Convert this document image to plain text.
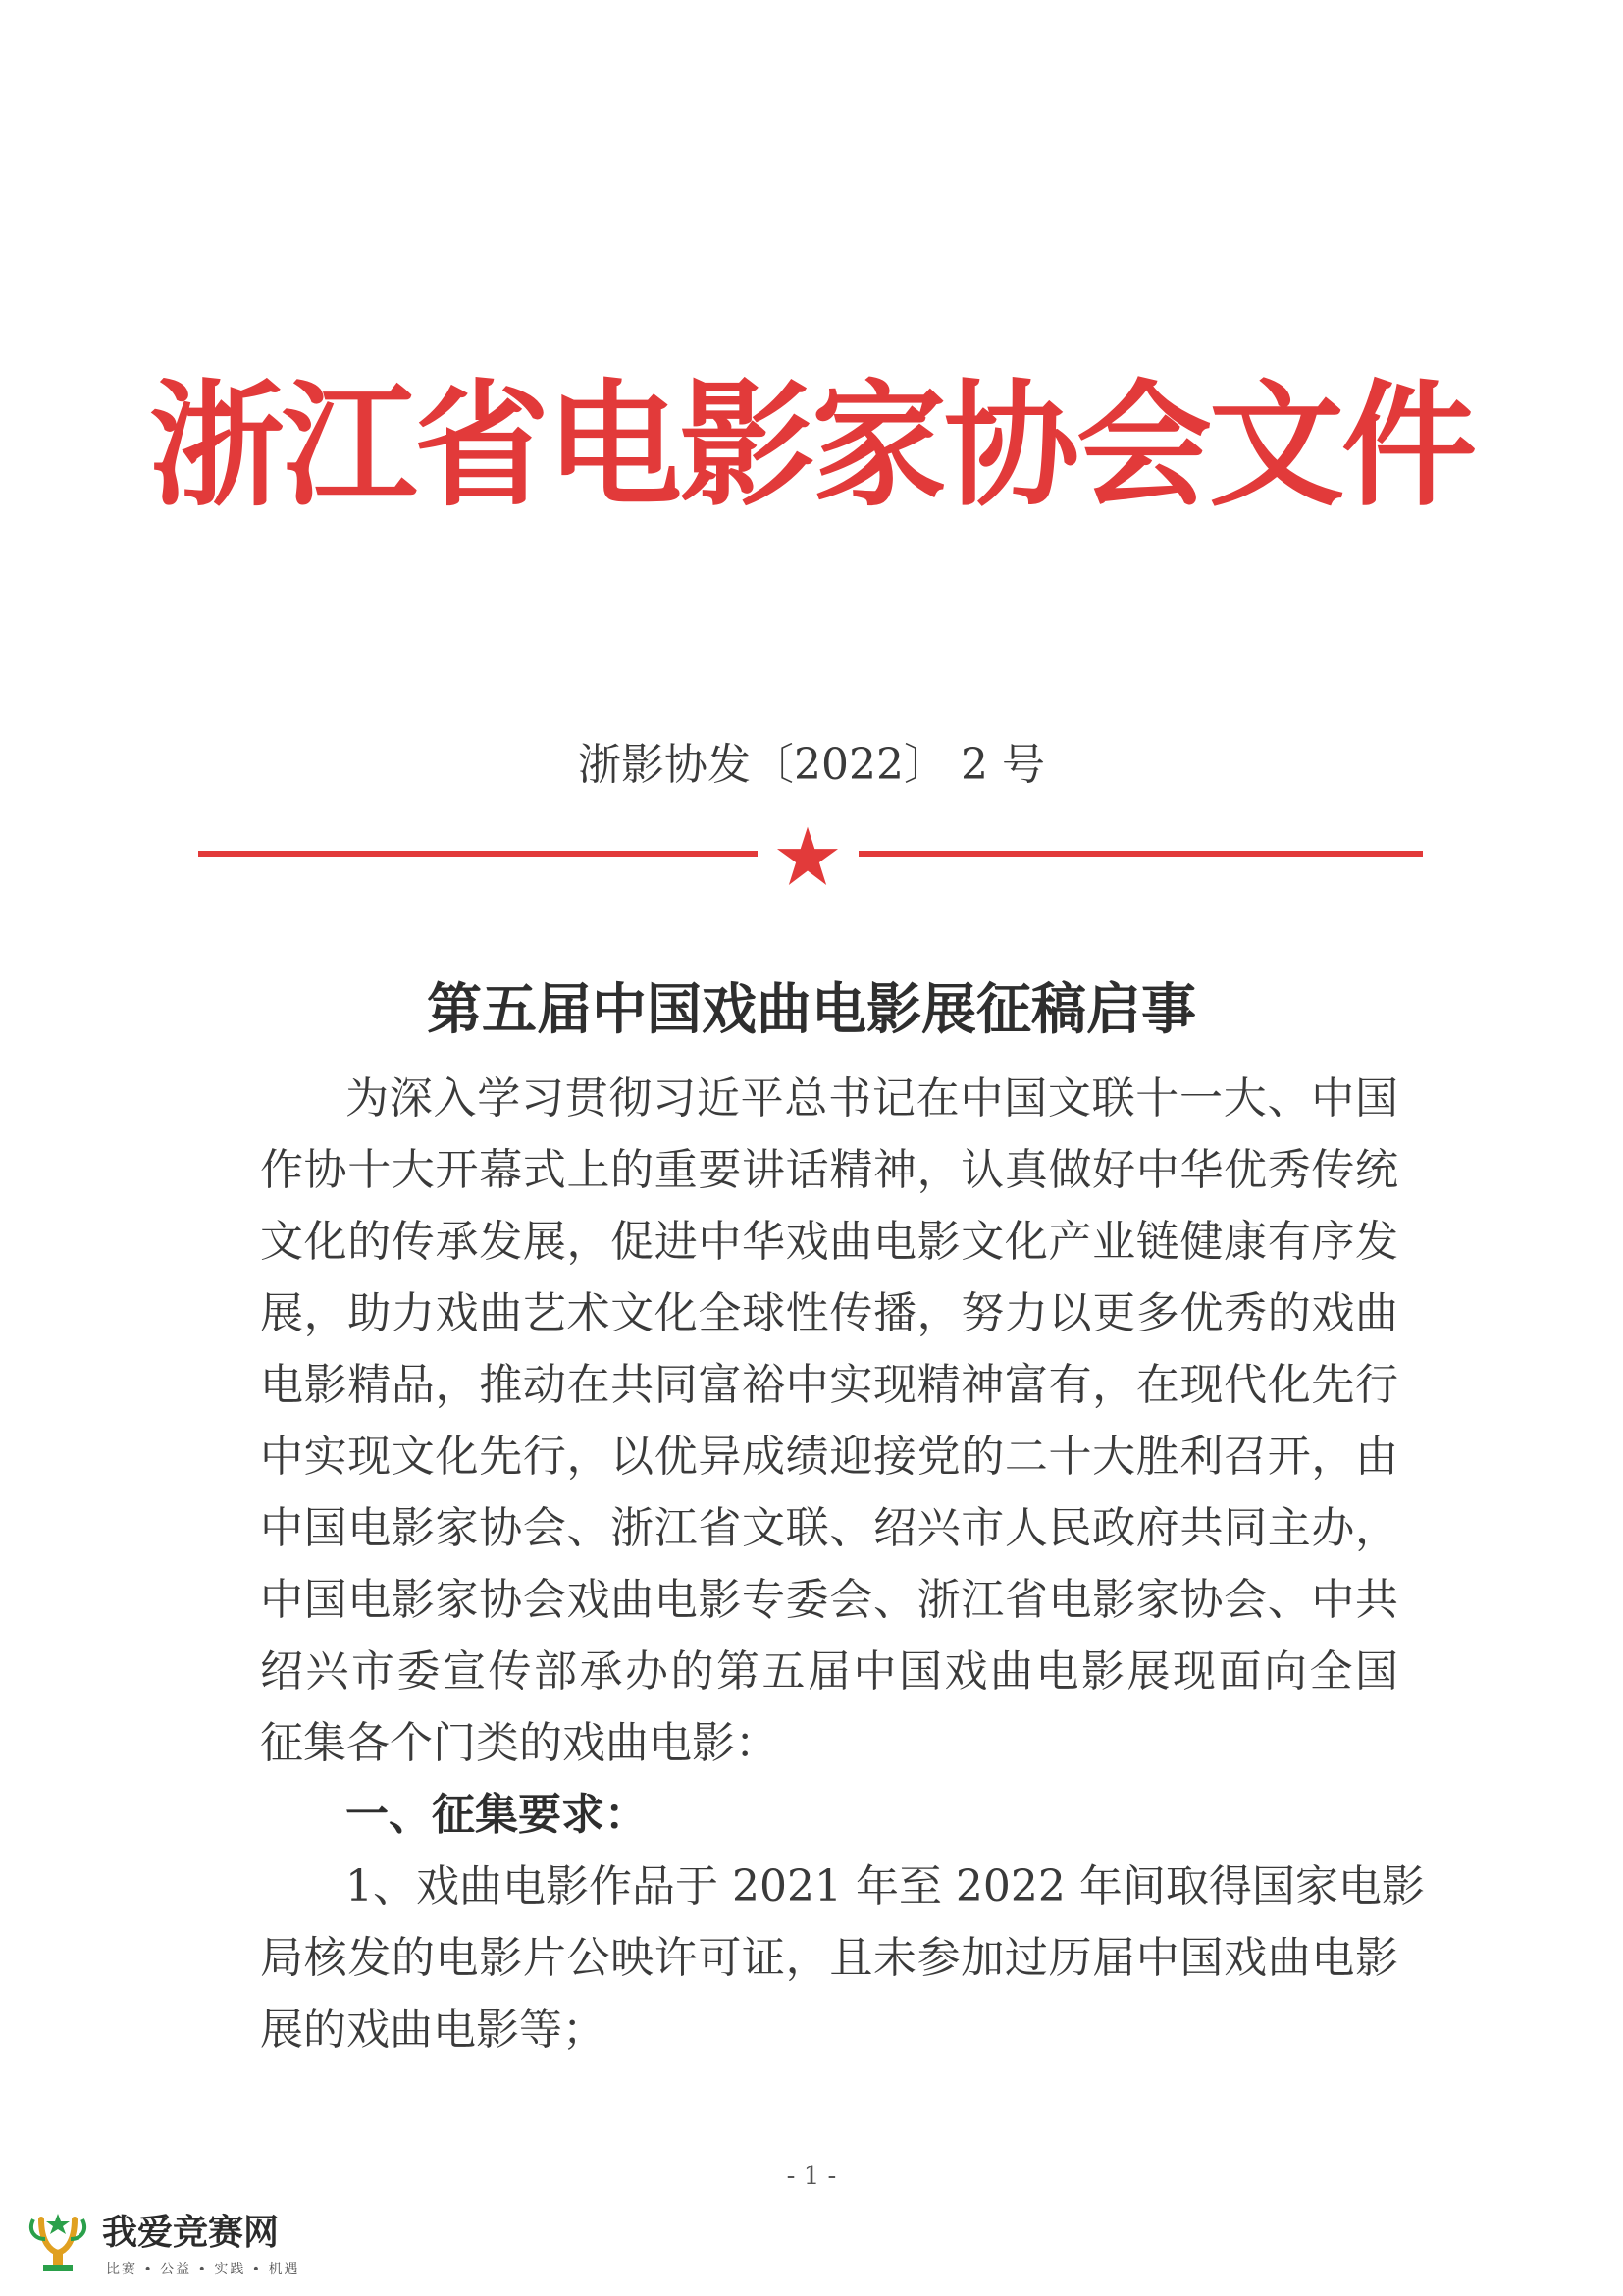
浙江省电影家协会文件
浙影协发〔2022〕 2 号
第五届中国戏曲电影展征稿启事
为深入学习贯彻习近平总书记在中国文联十一大、中国
作协十大开幕式上的重要讲话精神，认真做好中华优秀传统
文化的传承发展，促进中华戏曲电影文化产业链健康有序发
展，助力戏曲艺术文化全球性传播，努力以更多优秀的戏曲
电影精品，推动在共同富裕中实现精神富有，在现代化先行
中实现文化先行，以优异成绩迎接党的二十大胜利召开，由
中国电影家协会、浙江省文联、绍兴市人民政府共同主办，
中国电影家协会戏曲电影专委会、浙江省电影家协会、中共
绍兴市委宣传部承办的第五届中国戏曲电影展现面向全国
征集各个门类的戏曲电影：
一、征集要求：
1、戏曲电影作品于 2021 年至 2022 年间取得国家电影
局核发的电影片公映许可证，且未参加过历届中国戏曲电影
展的戏曲电影等；
- 1 -
我爱竞赛网
比赛 • 公益 • 实践 • 机遇
